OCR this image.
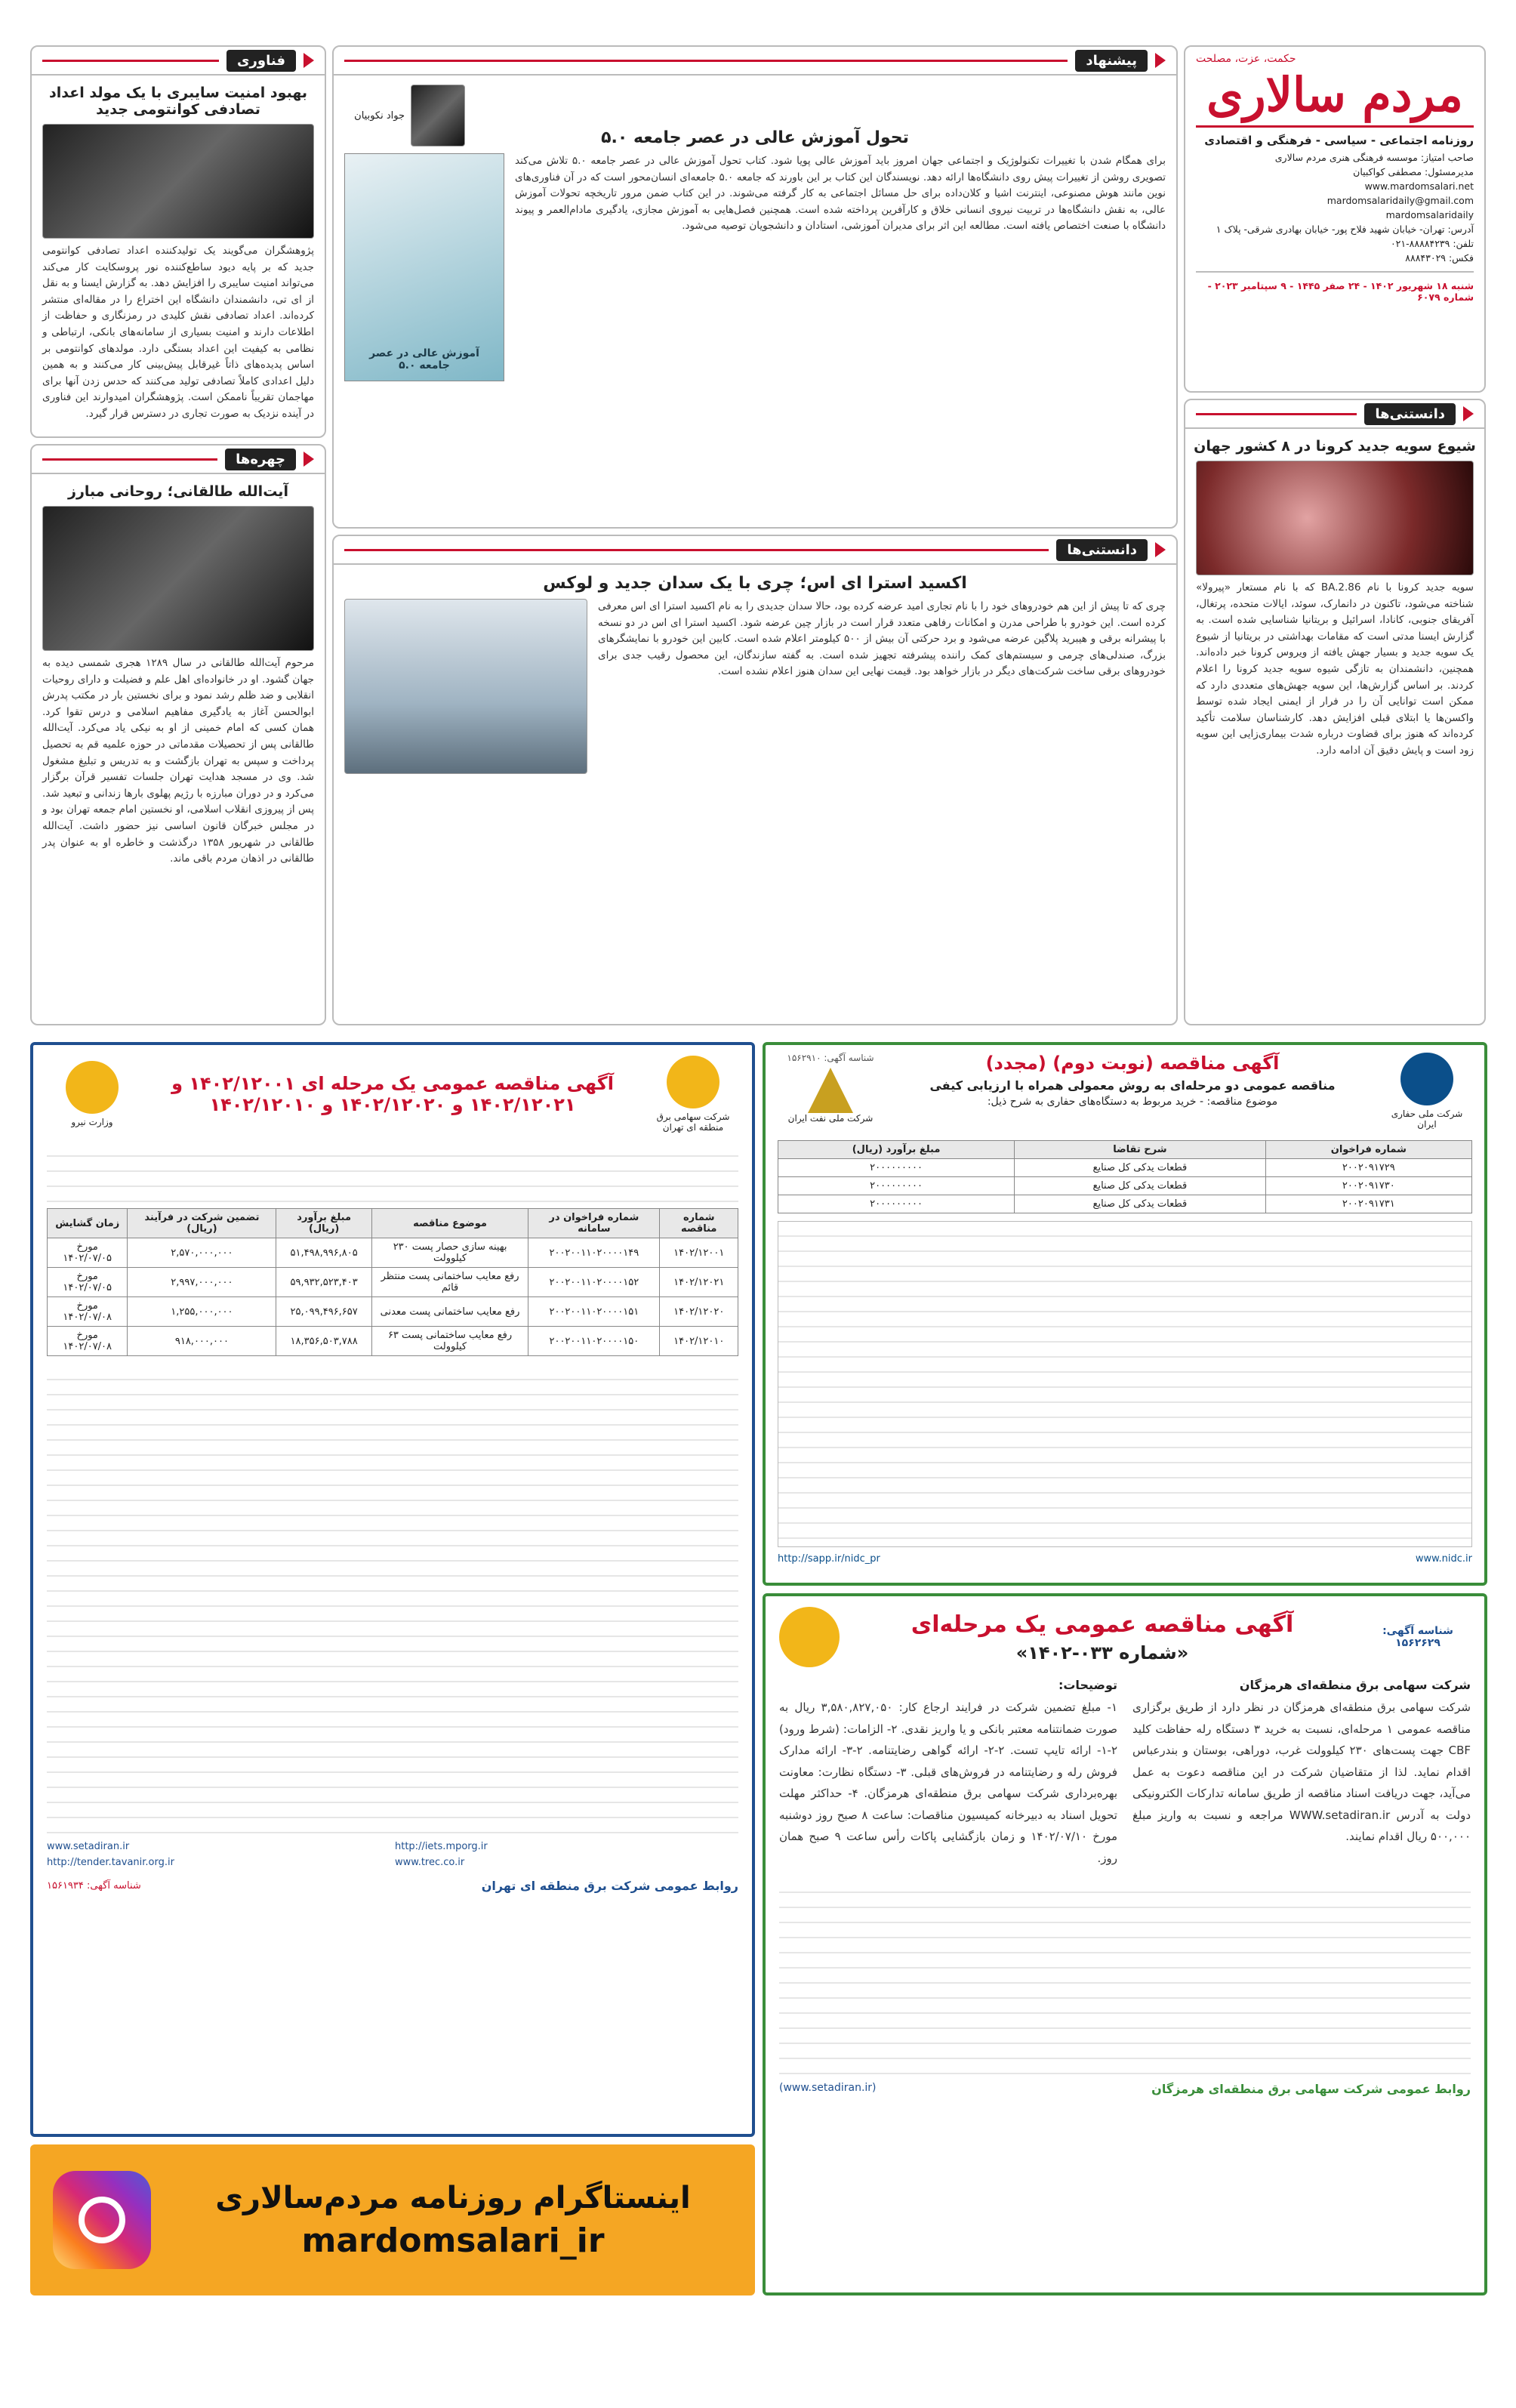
حکمت، عزت، مصلحت
مردم سالاری
روزنامه اجتماعی - سیاسی - فرهنگی و اقتصادی
صاحب امتیاز: موسسه فرهنگی هنری مردم سالاری
مدیرمسئول: مصطفی کواکبیان
www.mardomsalari.net
mardomsalaridaily@gmail.com
mardomsalaridaily
آدرس: تهران- خیابان شهید فلاح پور- خیابان بهادری شرقی- پلاک ۱
تلفن: ۸۸۸۸۴۲۳۹-۰۲۱
فکس: ۸۸۸۴۳۰۲۹
شنبه ۱۸ شهریور ۱۴۰۲ - ۲۴ صفر ۱۴۴۵ - ۹ سپتامبر ۲۰۲۳ - شماره ۶۰۷۹
پیشنهاد
جواد نکوبیان
تحول آموزش عالی در عصر جامعه ۵.۰
برای همگام شدن با تغییرات تکنولوژیک و اجتماعی جهان امروز باید آموزش عالی پویا شود. کتاب تحول آموزش عالی در عصر جامعه ۵.۰ تلاش می‌کند تصویری روشن از تغییرات پیش روی دانشگاه‌ها ارائه دهد. نویسندگان این کتاب بر این باورند که جامعه ۵.۰ جامعه‌ای انسان‌محور است که در آن فناوری‌های نوین مانند هوش مصنوعی، اینترنت اشیا و کلان‌داده برای حل مسائل اجتماعی به کار گرفته می‌شوند. در این کتاب ضمن مرور تاریخچه تحولات آموزش عالی، به نقش دانشگاه‌ها در تربیت نیروی انسانی خلاق و کارآفرین پرداخته شده است. همچنین فصل‌هایی به آموزش مجازی، یادگیری مادام‌العمر و پیوند دانشگاه با صنعت اختصاص یافته است. مطالعه این اثر برای مدیران آموزشی، استادان و دانشجویان توصیه می‌شود.
آموزش عالی در عصر جامعه ۵.۰
فناوری
بهبود امنیت سایبری با یک مولد اعداد تصادفی کوانتومی جدید
پژوهشگران می‌گویند یک تولیدکننده اعداد تصادفی کوانتومی جدید که بر پایه دیود ساطع‌کننده نور پروسکایت کار می‌کند می‌تواند امنیت سایبری را افزایش دهد. به گزارش ایسنا و به نقل از ای‌ تی، دانشمندان دانشگاه این اختراع را در مقاله‌ای منتشر کرده‌اند. اعداد تصادفی نقش کلیدی در رمزنگاری و حفاظت از اطلاعات دارند و امنیت بسیاری از سامانه‌های بانکی، ارتباطی و نظامی به کیفیت این اعداد بستگی دارد. مولدهای کوانتومی بر اساس پدیده‌های ذاتاً غیرقابل پیش‌بینی کار می‌کنند و به همین دلیل اعدادی کاملاً تصادفی تولید می‌کنند که حدس زدن آنها برای مهاجمان تقریباً ناممکن است. پژوهشگران امیدوارند این فناوری در آینده نزدیک به صورت تجاری در دسترس قرار گیرد.	دانستنی‌ها
شیوع سویه جدید کرونا در ۸ کشور جهان
سویه جدید کرونا با نام BA.2.86 که با نام مستعار «پیرولا» شناخته می‌شود، تاکنون در دانمارک، سوئد، ایالات متحده، پرتغال، آفریقای جنوبی، کانادا، اسرائیل و بریتانیا شناسایی شده است. به گزارش ایسنا مدتی است که مقامات بهداشتی در بریتانیا از شیوع یک سویه جدید و بسیار جهش یافته از ویروس کرونا خبر داده‌اند. همچنین، دانشمندان به تازگی شیوه سویه جدید کرونا را اعلام کردند. بر اساس گزارش‌ها، این سویه جهش‌های متعددی دارد که ممکن است توانایی آن را در فرار از ایمنی ایجاد شده توسط واکسن‌ها یا ابتلای قبلی افزایش دهد. کارشناسان سلامت تأکید کرده‌اند که هنوز برای قضاوت درباره شدت بیماری‌زایی این سویه زود است و پایش دقیق آن ادامه دارد.
دانستنی‌ها
اکسید استرا ای اس؛ چری با یک سدان جدید و لوکس
چری که تا پیش از این هم خودروهای خود را با نام تجاری امید عرضه کرده بود، حالا سدان جدیدی را به نام اکسید استرا ای اس معرفی کرده است. این خودرو با طراحی مدرن و امکانات رفاهی متعدد قرار است در بازار چین عرضه شود. اکسید استرا ای اس در دو نسخه با پیشرانه برقی و هیبرید پلاگین عرضه می‌شود و برد حرکتی آن بیش از ۵۰۰ کیلومتر اعلام شده است. کابین این خودرو با نمایشگرهای بزرگ، صندلی‌های چرمی و سیستم‌های کمک راننده پیشرفته تجهیز شده است. به گفته سازندگان، این محصول رقیب جدی برای خودروهای برقی ساخت شرکت‌های دیگر در بازار خواهد بود. قیمت نهایی این سدان هنوز اعلام نشده است.
چهره‌ها
آیت‌الله طالقانی؛ روحانی مبارز
مرحوم آیت‌الله طالقانی در سال ۱۲۸۹ هجری شمسی دیده به جهان گشود. او در خانواده‌ای اهل علم و فضیلت و دارای روحیات انقلابی و ضد ظلم رشد نمود و برای نخستین بار در مکتب پدرش ابوالحسن آغاز به یادگیری مفاهیم اسلامی و درس تقوا کرد. همان کسی که امام خمینی از او به نیکی یاد می‌کرد. آیت‌الله طالقانی پس از تحصیلات مقدماتی در حوزه علمیه قم به تحصیل پرداخت و سپس به تهران بازگشت و به تدریس و تبلیغ مشغول شد. وی در مسجد هدایت تهران جلسات تفسیر قرآن برگزار می‌کرد و در دوران مبارزه با رژیم پهلوی بارها زندانی و تبعید شد. پس از پیروزی انقلاب اسلامی، او نخستین امام جمعه تهران بود و در مجلس خبرگان قانون اساسی نیز حضور داشت. آیت‌الله طالقانی در شهریور ۱۳۵۸ درگذشت و خاطره او به عنوان پدر طالقانی در اذهان مردم باقی ماند.
شرکت ملی حفاری ایران
آگهی مناقصه (نوبت دوم) (مجدد)
مناقصه عمومی دو مرحله‌ای به روش معمولی همراه با ارزیابی کیفی
موضوع مناقصه: - خرید مربوط به دستگاه‌های حفاری به شرح ذیل:
شناسه آگهی: ۱۵۶۲۹۱۰
شرکت ملی نفت ایران
شماره فراخوان	شرح تقاضا	مبلغ برآورد (ریال)
۲۰۰۲۰۹۱۷۲۹	قطعات یدکی کل صنایع	۲۰۰۰۰۰۰۰۰۰
۲۰۰۲۰۹۱۷۳۰	قطعات یدکی کل صنایع	۲۰۰۰۰۰۰۰۰۰
۲۰۰۲۰۹۱۷۳۱	قطعات یدکی کل صنایع	۲۰۰۰۰۰۰۰۰۰
http://sapp.ir/nidc_pr	www.nidc.ir
شرکت سهامی برق منطقه ای تهران
آگهی مناقصه عمومی یک مرحله ای ۱۴۰۲/۱۲۰۰۱ و ۱۴۰۲/۱۲۰۲۱ و ۱۴۰۲/۱۲۰۲۰ و ۱۴۰۲/۱۲۰۱۰
وزارت نیرو
شماره مناقصه	شماره فراخوان در سامانه	موضوع مناقصه	مبلغ برآورد (ریال)	تضمین شرکت در فرآیند (ریال)	زمان گشایش
۱۴۰۲/۱۲۰۰۱	۲۰۰۲۰۰۱۱۰۲۰۰۰۰۱۴۹	بهینه سازی حصار پست ۲۳۰ کیلوولت	۵۱,۴۹۸,۹۹۶,۸۰۵	۲,۵۷۰,۰۰۰,۰۰۰	مورخ ۱۴۰۲/۰۷/۰۵
۱۴۰۲/۱۲۰۲۱	۲۰۰۲۰۰۱۱۰۲۰۰۰۰۱۵۲	رفع معایب ساختمانی پست منتظر قائم	۵۹,۹۳۲,۵۲۳,۴۰۳	۲,۹۹۷,۰۰۰,۰۰۰	مورخ ۱۴۰۲/۰۷/۰۵
۱۴۰۲/۱۲۰۲۰	۲۰۰۲۰۰۱۱۰۲۰۰۰۰۱۵۱	رفع معایب ساختمانی پست معدنی	۲۵,۰۹۹,۴۹۶,۶۵۷	۱,۲۵۵,۰۰۰,۰۰۰	مورخ ۱۴۰۲/۰۷/۰۸
۱۴۰۲/۱۲۰۱۰	۲۰۰۲۰۰۱۱۰۲۰۰۰۰۱۵۰	رفع معایب ساختمانی پست ۶۳ کیلوولت	۱۸,۳۵۶,۵۰۳,۷۸۸	۹۱۸,۰۰۰,۰۰۰	مورخ ۱۴۰۲/۰۷/۰۸
www.setadiran.ir	http://iets.mporg.ir
http://tender.tavanir.org.ir	www.trec.co.ir
روابط عمومی شرکت برق منطقه ای تهران
شناسه آگهی: ۱۵۶۱۹۳۴
شناسه آگهی: ۱۵۶۲۶۲۹
آگهی مناقصه عمومی یک مرحله‌ای
«شماره ۰۳۳-۱۴۰۲»
شرکت سهامی برق منطقه‌ای هرمزگان
شرکت سهامی برق منطقه‌ای هرمزگان در نظر دارد از طریق برگزاری مناقصه عمومی ۱ مرحله‌ای، نسبت به خرید ۳ دستگاه رله حفاظت کلید CBF جهت پست‌های ۲۳۰ کیلوولت غرب، دوراهی، بوستان و بندرعباس اقدام نماید. لذا از متقاضیان شرکت در این مناقصه دعوت به عمل می‌آید، جهت دریافت اسناد مناقصه از طریق سامانه تدارکات الکترونیکی دولت به آدرس WWW.setadiran.ir مراجعه و نسبت به واریز مبلغ ۵۰۰,۰۰۰ ریال اقدام نمایند.
توضیحات:
۱- مبلغ تضمین شرکت در فرایند ارجاع کار: ۳,۵۸۰,۸۲۷,۰۵۰ ریال به صورت ضمانتنامه معتبر بانکی و یا واریز نقدی. ۲- الزامات: (شرط ورود) ۲-۱- ارائه تایپ تست. ۲-۲- ارائه گواهی رضایتنامه. ۲-۳- ارائه مدارک فروش رله و رضایتنامه در فروش‌های قبلی. ۳- دستگاه نظارت: معاونت بهره‌برداری شرکت سهامی برق منطقه‌ای هرمزگان. ۴- حداکثر مهلت تحویل اسناد به دبیرخانه کمیسیون مناقصات: ساعت ۸ صبح روز دوشنبه مورخ ۱۴۰۲/۰۷/۱۰ و زمان بازگشایی پاکات رأس ساعت ۹ صبح همان روز.
روابط عمومی شرکت سهامی برق منطقه‌ای هرمزگان
(www.setadiran.ir)
اینستاگرام روزنامه مردم‌سالاری
mardomsalari_ir
